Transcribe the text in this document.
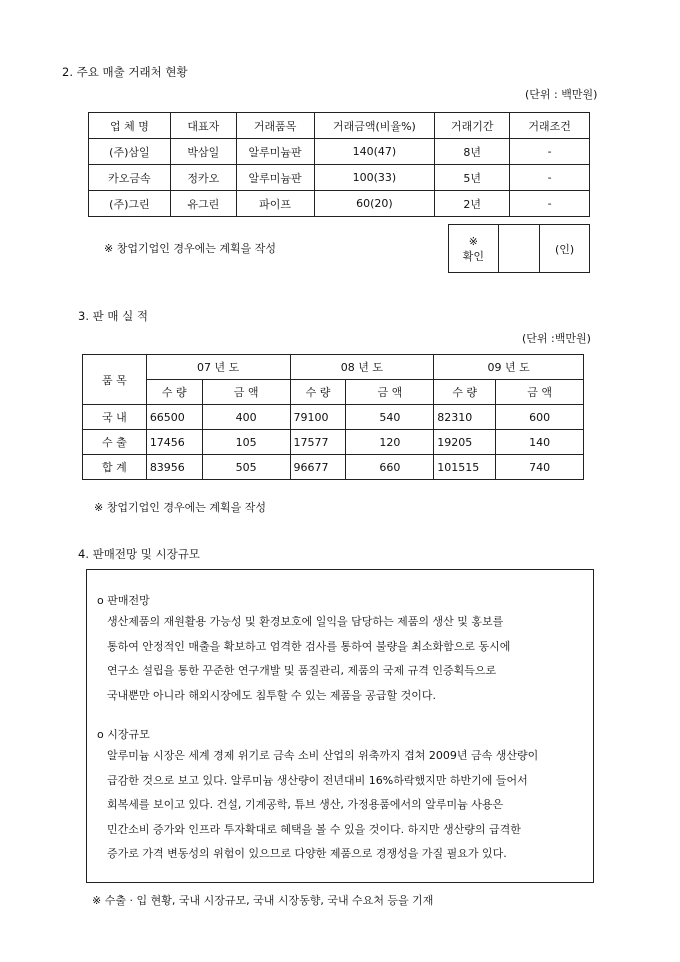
2. 주요 매출 거래처 현황
(단위 : 백만원)
업 체 명	대표자	거래품목	거래금액(비율%)	거래기간	거래조건
(주)삼일	박삼일	알루미늄판	140(47)	8년	-
카오금속	정카오	알루미늄판	100(33)	5년	-
(주)그린	유그린	파이프	60(20)	2년	-
※
확인
		(인)
※ 창업기업인 경우에는 계획을 작성
3. 판 매 실 적
(단위 :백만원)
품 목	07 년 도		08 년 도		09 년 도	
	수 량	금 액	수 량	금 액	수 량	금 액
국 내	66500	400	79100	540	82310	600
수 출	17456	105	17577	120	19205	140
합 계	83956	505	96677	660	101515	740
※ 창업기업인 경우에는 계획을 작성
4. 판매전망 및 시장규모
o 판매전망
생산제품의 재원활용 가능성 및 환경보호에 일익을 담당하는 제품의 생산 및 홍보를
통하여 안정적인 매출을 확보하고 엄격한 검사를 통하여 불량을 최소화함으로 동시에
연구소 설립을 통한 꾸준한 연구개발 및 품질관리, 제품의 국제 규격 인증획득으로
국내뿐만 아니라 해외시장에도 침투할 수 있는 제품을 공급할 것이다.
o 시장규모
알루미늄 시장은 세계 경제 위기로 금속 소비 산업의 위축까지 겹쳐 2009년 금속 생산량이
급감한 것으로 보고 있다. 알루미늄 생산량이 전년대비 16%하락했지만 하반기에 들어서
회복세를 보이고 있다. 건설, 기계공학, 튜브 생산, 가정용품에서의 알루미늄 사용은
민간소비 증가와 인프라 투자확대로 혜택을 볼 수 있을 것이다. 하지만 생산량의 급격한
증가로 가격 변동성의 위험이 있으므로 다양한 제품으로 경쟁성을 가질 필요가 있다.
※ 수출 · 입 현황, 국내 시장규모, 국내 시장동향, 국내 수요처 등을 기재
